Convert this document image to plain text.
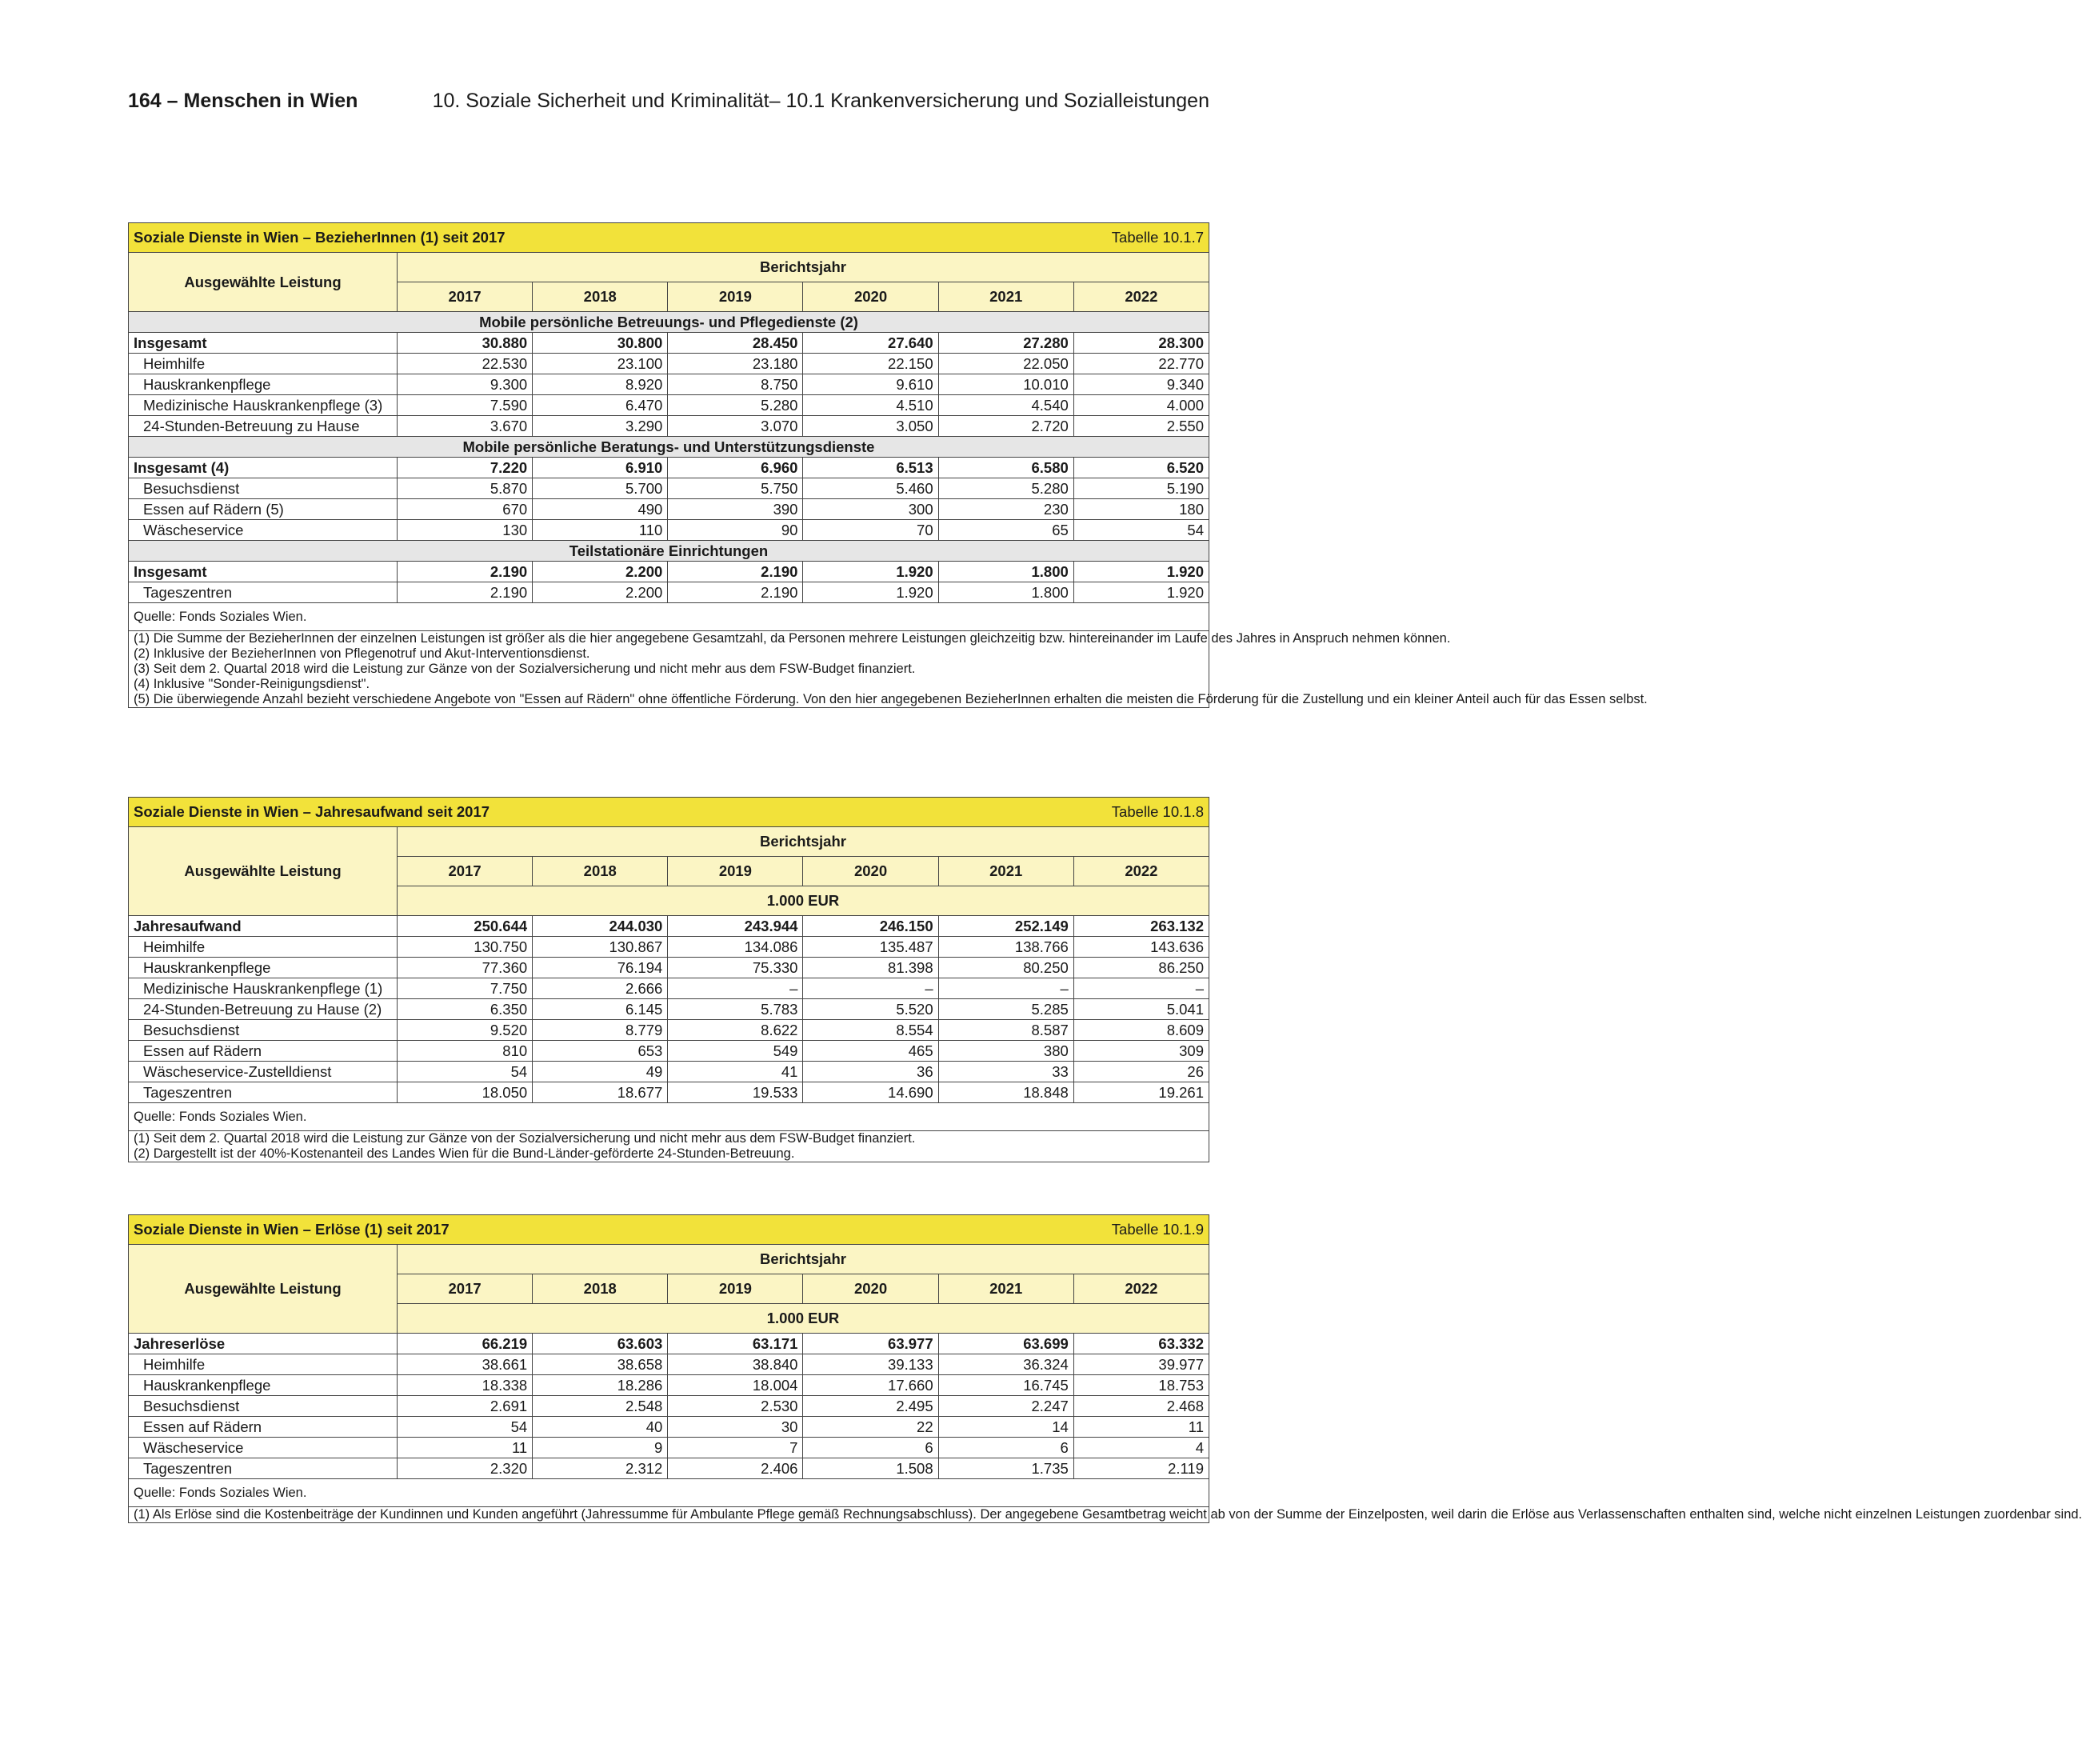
164 – Menschen in Wien	10. Soziale Sicherheit und Kriminalität– 10.1 Krankenversicherung und Sozialleistungen
Soziale Dienste in Wien – BezieherInnen (1) seit 2017					Tabelle 10.1.7	
Ausgewählte Leistung	Berichtsjahr					
	2017	2018	2019	2020	2021	2022
Mobile persönliche Betreuungs- und Pflegedienste (2)						
Insgesamt	30.880	30.800	28.450	27.640	27.280	28.300
Heimhilfe	22.530	23.100	23.180	22.150	22.050	22.770
Hauskrankenpflege	9.300	8.920	8.750	9.610	10.010	9.340
Medizinische Hauskrankenpflege (3)	7.590	6.470	5.280	4.510	4.540	4.000
24-Stunden-Betreuung zu Hause	3.670	3.290	3.070	3.050	2.720	2.550
Mobile persönliche Beratungs- und Unterstützungsdienste						
Insgesamt (4)	7.220	6.910	6.960	6.513	6.580	6.520
Besuchsdienst	5.870	5.700	5.750	5.460	5.280	5.190
Essen auf Rädern (5)	670	490	390	300	230	180
Wäscheservice	130	110	90	70	65	54
Teilstationäre Einrichtungen						
Insgesamt	2.190	2.200	2.190	1.920	1.800	1.920
Tageszentren	2.190	2.200	2.190	1.920	1.800	1.920
Quelle: Fonds Soziales Wien.						

(1) Die Summe der BezieherInnen der einzelnen Leistungen ist größer als die hier angegebene Gesamtzahl, da Personen mehrere Leistungen gleichzeitig bzw. hintereinander im Laufe des Jahres in Anspruch nehmen können.
(2) Inklusive der BezieherInnen von Pflegenotruf und Akut-Interventionsdienst.
(3) Seit dem 2. Quartal 2018 wird die Leistung zur Gänze von der Sozialversicherung und nicht mehr aus dem FSW-Budget finanziert.
(4) Inklusive "Sonder-Reinigungsdienst".
(5) Die überwiegende Anzahl bezieht verschiedene Angebote von "Essen auf Rädern" ohne öffentliche Förderung. Von den hier angegebenen BezieherInnen erhalten die meisten die Förderung für die Zustellung und ein kleiner Anteil auch für das Essen selbst.						
Soziale Dienste in Wien – Jahresaufwand seit 2017					Tabelle 10.1.8	
Ausgewählte Leistung	Berichtsjahr					
	2017	2018	2019	2020	2021	2022
	1.000 EUR					
Jahresaufwand	250.644	244.030	243.944	246.150	252.149	263.132
Heimhilfe	130.750	130.867	134.086	135.487	138.766	143.636
Hauskrankenpflege	77.360	76.194	75.330	81.398	80.250	86.250
Medizinische Hauskrankenpflege (1)	7.750	2.666	–	–	–	–
24-Stunden-Betreuung zu Hause (2)	6.350	6.145	5.783	5.520	5.285	5.041
Besuchsdienst	9.520	8.779	8.622	8.554	8.587	8.609
Essen auf Rädern	810	653	549	465	380	309
Wäscheservice-Zustelldienst	54	49	41	36	33	26
Tageszentren	18.050	18.677	19.533	14.690	18.848	19.261
Quelle: Fonds Soziales Wien.						

(1) Seit dem 2. Quartal 2018 wird die Leistung zur Gänze von der Sozialversicherung und nicht mehr aus dem FSW-Budget finanziert.
(2) Dargestellt ist der 40%-Kostenanteil des Landes Wien für die Bund-Länder-geförderte 24-Stunden-Betreuung.						
Soziale Dienste in Wien – Erlöse (1) seit 2017					Tabelle 10.1.9	
Ausgewählte Leistung	Berichtsjahr					
	2017	2018	2019	2020	2021	2022
	1.000 EUR					
Jahreserlöse	66.219	63.603	63.171	63.977	63.699	63.332
Heimhilfe	38.661	38.658	38.840	39.133	36.324	39.977
Hauskrankenpflege	18.338	18.286	18.004	17.660	16.745	18.753
Besuchsdienst	2.691	2.548	2.530	2.495	2.247	2.468
Essen auf Rädern	54	40	30	22	14	11
Wäscheservice	11	9	7	6	6	4
Tageszentren	2.320	2.312	2.406	1.508	1.735	2.119
Quelle: Fonds Soziales Wien.						

(1) Als Erlöse sind die Kostenbeiträge der Kundinnen und Kunden angeführt (Jahressumme für Ambulante Pflege gemäß Rechnungsabschluss). Der angegebene Gesamtbetrag weicht ab von der Summe der Einzelposten, weil darin die Erlöse aus Verlassenschaften enthalten sind, welche nicht einzelnen Leistungen zuordenbar sind.						
